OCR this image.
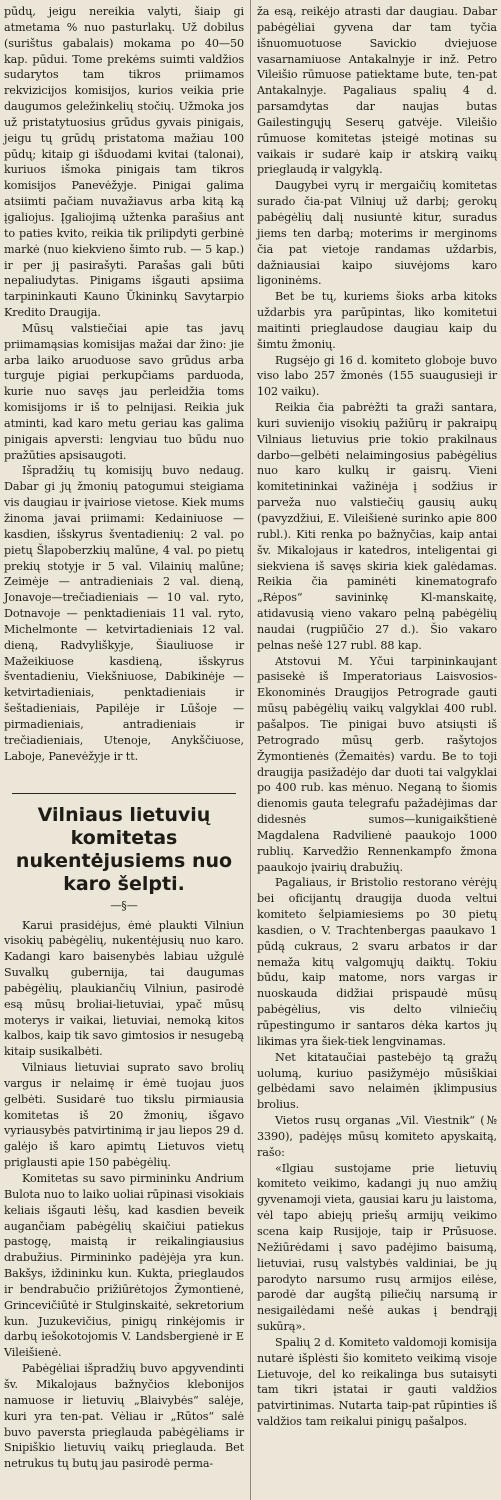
pūdų, jeigu nereikia valyti, šiaip gi atmetama % nuo pasturlakų. Už dobilus (surištus gabalais) mokama po 40—50 kap. pūdui. Tome prekėms suimti valdžios sudarytos tam tikros priimamos rekvizicijos komisijos, kurios veikia prie daugumos geležinkelių stočių. Užmoka jos už pristatytuosius grūdus gyvais pinigais, jeigu tų grūdų pristatoma mažiau 100 pūdų; kitaip gi išduodami kvitai (talonai), kuriuos išmoka pinigais tam tikros komisijos Panevėžyje. Pinigai galima atsiimti pačiam nuvažiavus arba kitą ką įgaliojus. Įgaliojimą užtenka parašius ant to paties kvito, reikia tik prilipdyti gerbinė markė (nuo kiekvieno šimto rub. — 5 kap.) ir per jį pasirašyti. Parašas gali būti nepaliudytas. Pinigams išgauti apsiima tarpininkauti Kauno Ūkininkų Savytarpio Kredito Draugija.

Mūsų valstiečiai apie tas javų priimamąsias komisijas mažai dar žino: jie arba laiko aruoduose savo grūdus arba turguje pigiai perkupčiams parduoda, kurie nuo savęs jau perleidžia toms komisijoms ir iš to pelnijasi. Reikia juk atminti, kad karo metu geriau kas galima pinigais apversti: lengviau tuo būdu nuo pražūties apsisaugoti.

Išpradžių tų komisijų buvo nedaug. Dabar gi jų žmonių patogumui steigiama vis daugiau ir įvairiose vietose. Kiek mums žinoma javai priimami: Kedainiuose — kasdien, išskyrus šventadienių: 2 val. po pietų Šlapoberzkių malūne, 4 val. po pietų prekių stotyje ir 5 val. Vilainių malūne; Zeimėje — antradieniais 2 val. dieną, Jonavoje—trečiadieniais — 10 val. ryto, Dotnavoje — penktadieniais 11 val. ryto, Michelmonte — ketvirtadieniais 12 val. dieną, Radvyliškyje, Šiauliuose ir Mažeikiuose kasdieną, išskyrus šventadieniu, Viekšniuose, Dabikinėje — ketvirtadieniais, penktadieniais ir šeštadieniais, Papilėje ir Lūšoje — pirmadieniais, antradieniais ir trečiadieniais, Utenoje, Anykščiuose, Laboje, Panevėžyje ir tt.

Vilniaus lietuvių komitetas nukentėjusiems nuo karo šelpti.
—§—

Karui prasidėjus, ėmė plaukti Vilniun visokių pabėgėlių, nukentėjusių nuo karo. Kadangi karo baisenybės labiau užgulė Suvalkų gubernija, tai daugumas pabėgėlių, plaukiančių Vilniun, pasirodė esą mūsų broliai-lietuviai, ypač mūsų moterys ir vaikai, lietuviai, nemoką kitos kalbos, kaip tik savo gimtosios ir nesugebą kitaip susikalbėti.

Vilniaus lietuviai suprato savo brolių vargus ir nelaimę ir ėmė tuojau juos gelbėti. Susidarė tuo tikslu pirmiausia komitetas iš 20 žmonių, išgavo vyriausybės patvirtinimą ir jau liepos 29 d. galėjo iš karo apimtų Lietuvos vietų priglausti apie 150 pabėgėlių.

Komitetas su savo pirmininku Andrium Bulota nuo to laiko uoliai rūpinasi visokiais keliais išgauti lėšų, kad kasdien beveik augančiam pabėgėlių skaičiui patiekus pastogę, maistą ir reikalingiausius drabužius. Pirmininko padėjėja yra kun. Bakšys, iždininku kun. Kukta, prieglaudos ir bendrabučio prižiūrėtojos Žymontienė, Grincevičiūtė ir Stulginskaitė, sekretorium kun. Juzukevičius, pinigų rinkėjomis ir darbų iešokotojomis V. Landsbergienė ir E Vileišienė.

Pabėgėliai išpradžių buvo apgyvendinti šv. Mikalojaus bažnyčios klebonijos namuose ir lietuvių „Blaivybės“ salėje, kuri yra ten-pat. Vėliau ir „Rūtos“ salė buvo paversta prieglauda pabėgėliams ir Snipiškio lietuvių vaikų prieglauda. Bet netrukus tų butų jau pasirodė perma-

ža esą, reikėjo atrasti dar daugiau. Dabar pabėgėliai gyvena dar tam tyčia išnuomuotuose Savickio dviejuose vasarnamiuose Antakalnyje ir inž. Petro Vileišio rūmuose patiektame bute, ten-pat Antakalnyje. Pagaliaus spalių 4 d. parsamdytas dar naujas butas Gailestingųjų Seserų gatvėje. Vileišio rūmuose komitetas įsteigė motinas su vaikais ir sudarė kaip ir atskirą vaikų prieglaudą ir valgyklą.

Daugybei vyrų ir mergaičių komitetas surado čia-pat Vilniuj už darbį; gerokų pabėgėlių dalį nusiuntė kitur, suradus jiems ten darbą; moterims ir merginoms čia pat vietoje randamas uždarbis, dažniausiai kaipo siuvėjoms karo ligoninėms.

Bet be tų, kuriems šioks arba kitoks uždarbis yra parūpintas, liko komitetui maitinti prieglaudose daugiau kaip du šimtu žmonių.

Rugsėjo gi 16 d. komiteto globoje buvo viso labo 257 žmonės (155 suaugusieji ir 102 vaiku).

Reikia čia pabrėžti ta graži santara, kuri suvienijo visokių pažiūrų ir pakraipų Vilniaus lietuvius prie tokio prakilnaus darbo—gelbėti nelaimingosius pabėgėlius nuo karo kulkų ir gaisrų. Vieni komitetininkai važinėja į sodžius ir parveža nuo valstiečių gausių aukų (pavyzdžiui, E. Vileišienė surinko apie 800 rubl.). Kiti renka po bažnyčias, kaip antai šv. Mikalojaus ir katedros, inteligentai gi siekviena iš savęs skiria kiek galėdamas. Reikia čia paminėti kinematografo „Rėpos“ savininkę Kl-manskaitę, atidavusią vieno vakaro pelną pabėgėlių naudai (rugpiūčio 27 d.). Šio vakaro pelnas nešė 127 rubl. 88 kap.

Atstovui M. Yčui tarpininkaujant pasisekė iš Imperatoriaus Laisvosios-Ekonominės Draugijos Petrograde gauti mūsų pabėgėlių vaikų valgyklai 400 rubl. pašalpos. Tie pinigai buvo atsiųsti iš Petrogrado mūsų gerb. rašytojos Žymontienės (Žemaitės) vardu. Be to toji draugija pasižadėjo dar duoti tai valgyklai po 400 rub. kas mėnuo. Neganą to šiomis dienomis gauta telegrafu pažadėjimas dar didesnės sumos—kunigaikštienė Magdalena Radvilienė paaukojo 1000 rublių. Karvedžio Rennenkampfo žmona paaukojo įvairių drabužių.

Pagaliaus, ir Bristolio restorano vėrėjų bei oficijantų draugija duoda veltui komiteto šelpiamiesiems po 30 pietų kasdien, o V. Trachtenbergas paaukavo 1 pūdą cukraus, 2 svaru arbatos ir dar nemaža kitų valgomųjų daiktų. Tokiu būdu, kaip matome, nors vargas ir nuoskauda didžiai prispaudė mūsų pabėgėlius, vis delto vilniečių rūpestingumo ir santaros dėka kartos jų likimas yra šiek-tiek lengvinamas.

Net kitataučiai pastebėjo tą gražų uolumą, kuriuo pasižymėjo mūsiškiai gelbėdami savo nelaimėn įklimpusius brolius.

Vietos rusų organas „Vil. Viestnik“ (№ 3390), padėjęs mūsų komiteto apyskaitą, rašo:

«Ilgiau sustojame prie lietuvių komiteto veikimo, kadangi jų nuo amžių gyvenamoji vieta, gausiai karu ju laistoma, vėl tapo abiejų priešų armijų veikimo scena kaip Rusijoje, taip ir Prūsuose. Nežiūrėdami į savo padėjimo baisumą, lietuviai, rusų valstybės valdiniai, be jų parodyto narsumo rusų armijos eilėse, parodė dar augštą piliečių narsumą ir nesigailėdami nešė aukas į bendrąjį sukūrą».

Spalių 2 d. Komiteto valdomoji komisija nutarė išplėsti šio komiteto veikimą visoje Lietuvoje, del ko reikalinga bus sutaisyti tam tikri įstatai ir gauti valdžios patvirtinimas. Nutarta taip-pat rūpinties iš valdžios tam reikalui pinigų pašalpos.
